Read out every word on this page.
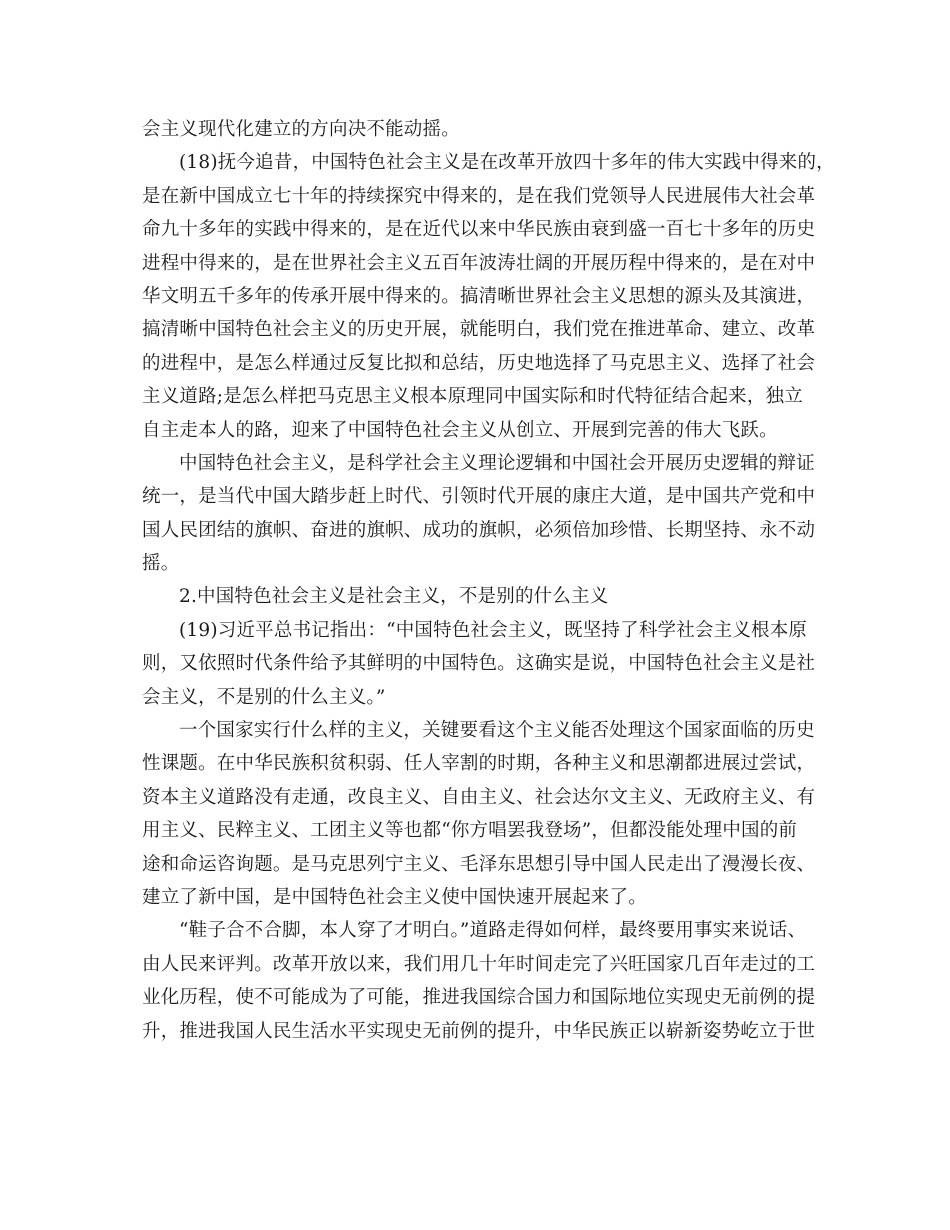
会主义现代化建立的方向决不能动摇。
(18)抚今追昔，中国特色社会主义是在改革开放四十多年的伟大实践中得来的，
是在新中国成立七十年的持续探究中得来的，是在我们党领导人民进展伟大社会革
命九十多年的实践中得来的，是在近代以来中华民族由衰到盛一百七十多年的历史
进程中得来的，是在世界社会主义五百年波涛壮阔的开展历程中得来的，是在对中
华文明五千多年的传承开展中得来的。搞清晰世界社会主义思想的源头及其演进，
搞清晰中国特色社会主义的历史开展，就能明白，我们党在推进革命、建立、改革
的进程中，是怎么样通过反复比拟和总结，历史地选择了马克思主义、选择了社会
主义道路;是怎么样把马克思主义根本原理同中国实际和时代特征结合起来，独立
自主走本人的路，迎来了中国特色社会主义从创立、开展到完善的伟大飞跃。
中国特色社会主义，是科学社会主义理论逻辑和中国社会开展历史逻辑的辩证
统一，是当代中国大踏步赶上时代、引领时代开展的康庄大道，是中国共产党和中
国人民团结的旗帜、奋进的旗帜、成功的旗帜，必须倍加珍惜、长期坚持、永不动
摇。
2.中国特色社会主义是社会主义，不是别的什么主义
(19)习近平总书记指出：“中国特色社会主义，既坚持了科学社会主义根本原
则，又依照时代条件给予其鲜明的中国特色。这确实是说，中国特色社会主义是社
会主义，不是别的什么主义。”
一个国家实行什么样的主义，关键要看这个主义能否处理这个国家面临的历史
性课题。在中华民族积贫积弱、任人宰割的时期，各种主义和思潮都进展过尝试，
资本主义道路没有走通，改良主义、自由主义、社会达尔文主义、无政府主义、有
用主义、民粹主义、工团主义等也都“你方唱罢我登场”，但都没能处理中国的前
途和命运咨询题。是马克思列宁主义、毛泽东思想引导中国人民走出了漫漫长夜、
建立了新中国，是中国特色社会主义使中国快速开展起来了。
“鞋子合不合脚，本人穿了才明白。”道路走得如何样，最终要用事实来说话、
由人民来评判。改革开放以来，我们用几十年时间走完了兴旺国家几百年走过的工
业化历程，使不可能成为了可能，推进我国综合国力和国际地位实现史无前例的提
升，推进我国人民生活水平实现史无前例的提升，中华民族正以崭新姿势屹立于世
